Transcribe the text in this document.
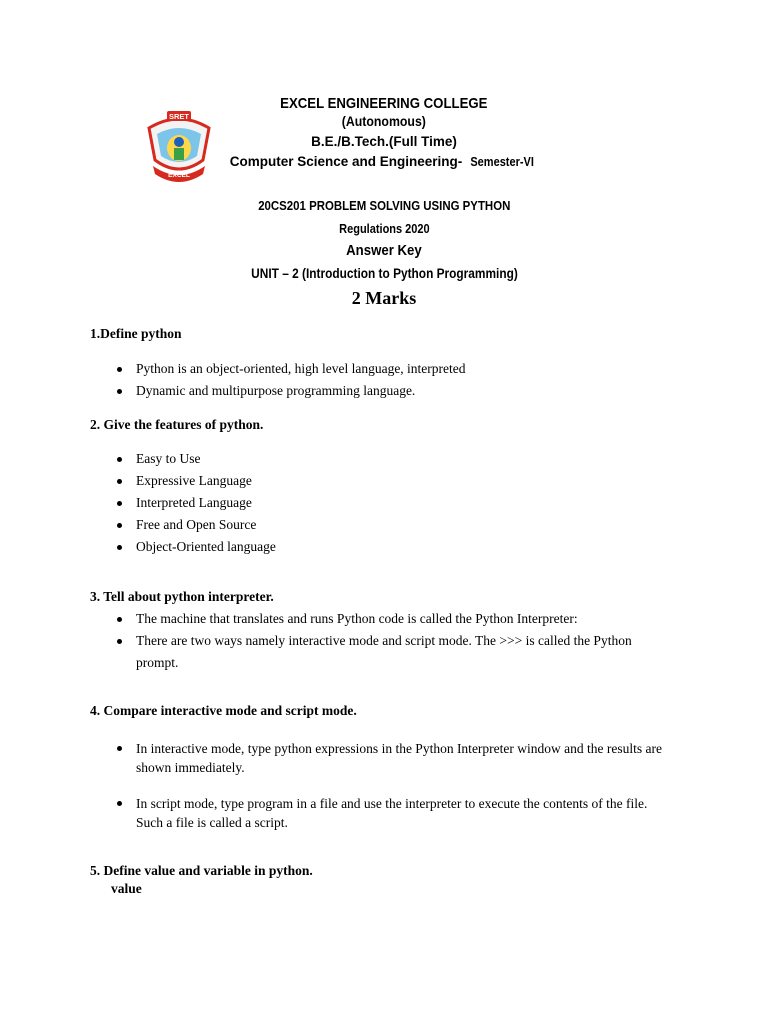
SRET
EXCEL
EXCEL ENGINEERING COLLEGE
(Autonomous)
B.E./B.Tech.(Full Time)
Computer Science and Engineering- Semester-VI
20CS201 PROBLEM SOLVING USING PYTHON
Regulations 2020
Answer Key
UNIT – 2 (Introduction to Python Programming)
2 Marks
1.Define python
Python is an object-oriented, high level language, interpreted
Dynamic and multipurpose programming language.
2. Give the features of python.
Easy to Use
Expressive Language
Interpreted Language
Free and Open Source
Object-Oriented language
3. Tell about python interpreter.
The machine that translates and runs Python code is called the Python Interpreter:
There are two ways namely interactive mode and script mode. The >>> is called the Python prompt.
4. Compare interactive mode and script mode.
In interactive mode, type python expressions in the Python Interpreter window and the results are shown immediately.
In script mode, type program in a file and use the interpreter to execute the contents of the file. Such a file is called a script.
5. Define value and variable in python.
value
